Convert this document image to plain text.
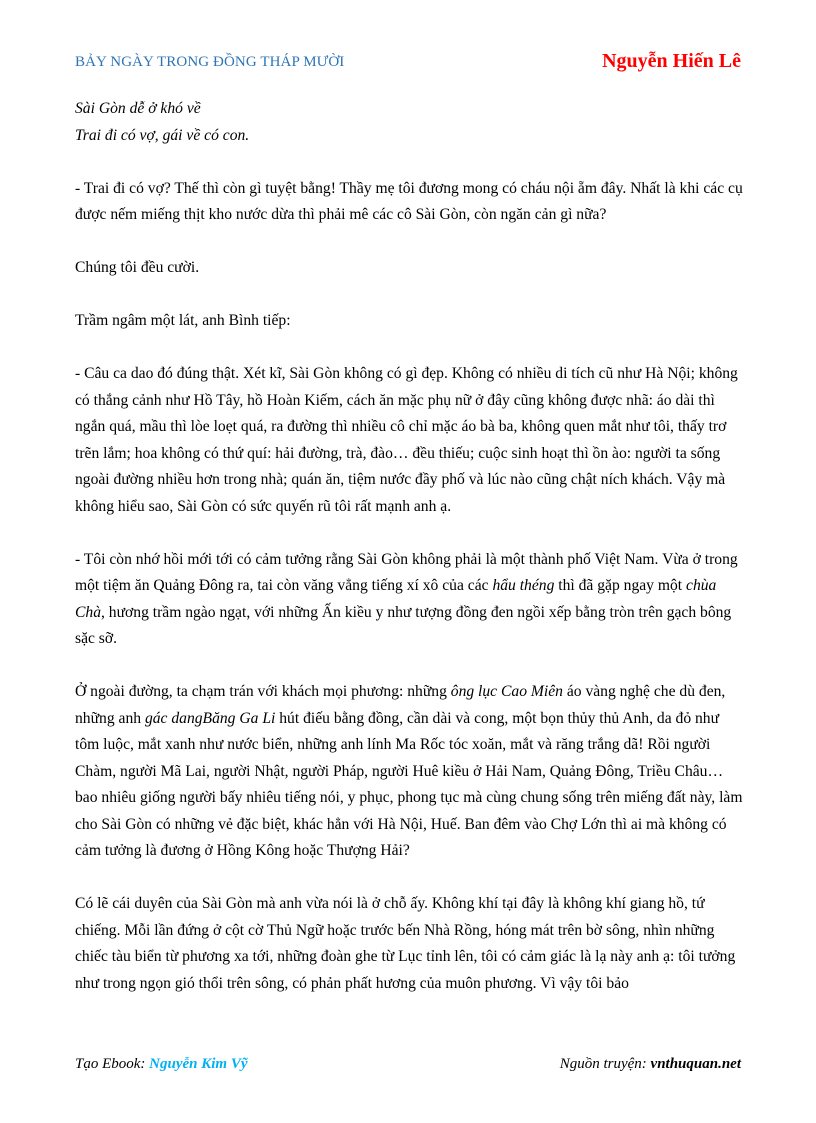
BẢY NGÀY TRONG ĐỒNG THÁP MƯỜI	Nguyễn Hiến Lê

Sài Gòn dễ ở khó về

Trai đi có vợ, gái về có con.

- Trai đi có vợ? Thế thì còn gì tuyệt bằng! Thầy mẹ tôi đương mong có cháu nội ẵm đây. Nhất là khi các cụ được nếm miếng thịt kho nước dừa thì phải mê các cô Sài Gòn, còn ngăn cản gì nữa?

Chúng tôi đều cười.

Trầm ngâm một lát, anh Bình tiếp:

- Câu ca dao đó đúng thật. Xét kĩ, Sài Gòn không có gì đẹp. Không có nhiều di tích cũ như Hà Nội; không có thắng cảnh như Hồ Tây, hồ Hoàn Kiếm, cách ăn mặc phụ nữ ở đây cũng không được nhã: áo dài thì ngắn quá, mầu thì lòe loẹt quá, ra đường thì nhiều cô chỉ mặc áo bà ba, không quen mắt như tôi, thấy trơ trẽn lắm; hoa không có thứ quí: hải đường, trà, đào… đều thiếu; cuộc sinh hoạt thì ồn ào: người ta sống ngoài đường nhiều hơn trong nhà; quán ăn, tiệm nước đầy phố và lúc nào cũng chật ních khách. Vậy mà không hiểu sao, Sài Gòn có sức quyến rũ tôi rất mạnh anh ạ.

- Tôi còn nhớ hồi mới tới có cảm tưởng rằng Sài Gòn không phải là một thành phố Việt Nam. Vừa ở trong một tiệm ăn Quảng Đông ra, tai còn văng vẳng tiếng xí xô của các hẩu théng thì đã gặp ngay một chùa Chà, hương trầm ngào ngạt, với những Ấn kiều y như tượng đồng đen ngồi xếp bằng tròn trên gạch bông sặc sỡ.

Ở ngoài đường, ta chạm trán với khách mọi phương: những ông lục Cao Miên áo vàng nghệ che dù đen, những anh gác dangBăng Ga Li hút điếu bằng đồng, cần dài và cong, một bọn thủy thủ Anh, da đỏ như tôm luộc, mắt xanh như nước biển, những anh lính Ma Rốc tóc xoăn, mắt và răng trắng dã! Rồi người Chàm, người Mã Lai, người Nhật, người Pháp, người Huê kiều ở Hải Nam, Quảng Đông, Triều Châu…bao nhiêu giống người bấy nhiêu tiếng nói, y phục, phong tục mà cùng chung sống trên miếng đất này, làm cho Sài Gòn có những vẻ đặc biệt, khác hẳn với Hà Nội, Huế. Ban đêm vào Chợ Lớn thì ai mà không có cảm tưởng là đương ở Hồng Kông hoặc Thượng Hải?

Có lẽ cái duyên của Sài Gòn mà anh vừa nói là ở chỗ ấy. Không khí tại đây là không khí giang hồ, tứ chiếng. Mỗi lần đứng ở cột cờ Thủ Ngữ hoặc trước bến Nhà Rồng, hóng mát trên bờ sông, nhìn những chiếc tàu biển từ phương xa tới, những đoàn ghe từ Lục tỉnh lên, tôi có cảm giác là lạ này anh ạ: tôi tưởng như trong ngọn gió thổi trên sông, có phản phất hương của muôn phương. Vì vậy tôi bảo

Tạo Ebook: Nguyễn Kim Vỹ	Nguồn truyện: vnthuquan.net
